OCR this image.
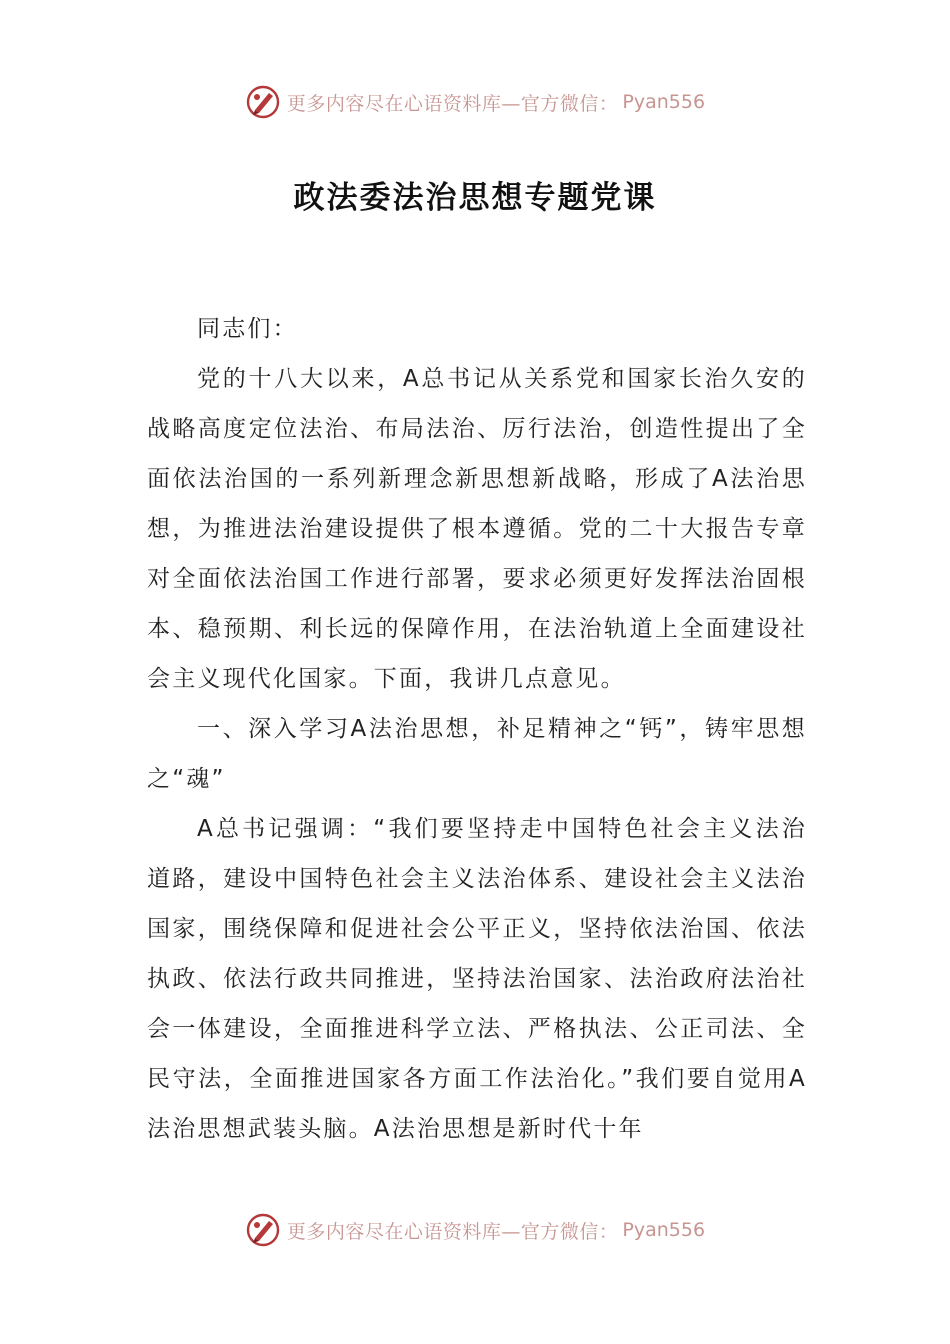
更多内容尽在心语资料库—官方微信： Pyan556
政法委法治思想专题党课

同志们：

党的十八大以来，A总书记从关系党和国家长治久安的战略高度定位法治、布局法治、厉行法治，创造性提出了全面依法治国的一系列新理念新思想新战略，形成了A法治思想，为推进法治建设提供了根本遵循。党的二十大报告专章对全面依法治国工作进行部署，要求必须更好发挥法治固根本、稳预期、利长远的保障作用，在法治轨道上全面建设社会主义现代化国家。下面，我讲几点意见。

一、深入学习A法治思想，补足精神之“钙”，铸牢思想之“魂”

A总书记强调：“我们要坚持走中国特色社会主义法治道路，建设中国特色社会主义法治体系、建设社会主义法治国家，围绕保障和促进社会公平正义，坚持依法治国、依法执政、依法行政共同推进，坚持法治国家、法治政府法治社会一体建设，全面推进科学立法、严格执法、公正司法、全民守法，全面推进国家各方面工作法治化。”我们要自觉用A法治思想武装头脑。A法治思想是新时代十年

更多内容尽在心语资料库—官方微信： Pyan556
